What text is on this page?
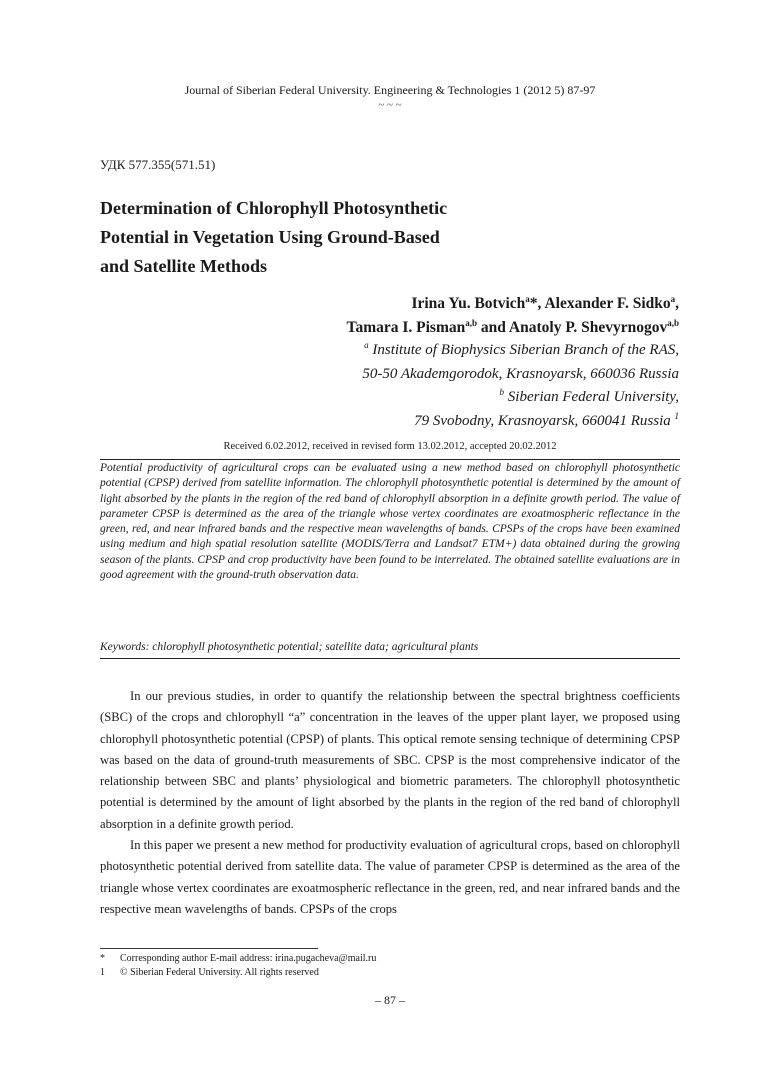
Journal of Siberian Federal University. Engineering & Technologies 1 (2012 5) 87-97
~ ~ ~
УДК 577.355(571.51)
Determination of Chlorophyll Photosynthetic
Potential in Vegetation Using Ground-Based
and Satellite Methods
Irina Yu. Botvich$^a$*, Alexander F. Sidko$^a$,
Tamara I. Pisman$^{a,b}$ and Anatoly P. Shevyrnogov$^{a,b}$
$^a$ Institute of Biophysics Siberian Branch of the RAS,
50-50 Akademgorodok, Krasnoyarsk, 660036 Russia
$^b$ Siberian Federal University,
79 Svobodny, Krasnoyarsk, 660041 Russia $^1$
Received 6.02.2012, received in revised form 13.02.2012, accepted 20.02.2012

Potential productivity of agricultural crops can be evaluated using a new method based on chlorophyll photosynthetic potential (CPSP) derived from satellite information. The chlorophyll photosynthetic potential is determined by the amount of light absorbed by the plants in the region of the red band of chlorophyll absorption in a definite growth period. The value of parameter CPSP is determined as the area of the triangle whose vertex coordinates are exoatmospheric reflectance in the green, red, and near infrared bands and the respective mean wavelengths of bands. CPSPs of the crops have been examined using medium and high spatial resolution satellite (MODIS/Terra and Landsat7 ETM+) data obtained during the growing season of the plants. CPSP and crop productivity have been found to be interrelated. The obtained satellite evaluations are in good agreement with the ground-truth observation data.

Keywords: chlorophyll photosynthetic potential; satellite data; agricultural plants

In our previous studies, in order to quantify the relationship between the spectral brightness coefficients (SBC) of the crops and chlorophyll “a” concentration in the leaves of the upper plant layer, we proposed using chlorophyll photosynthetic potential (CPSP) of plants. This optical remote sensing technique of determining CPSP was based on the data of ground-truth measurements of SBC. CPSP is the most comprehensive indicator of the relationship between SBC and plants’ physiological and biometric parameters. The chlorophyll photosynthetic potential is determined by the amount of light absorbed by the plants in the region of the red band of chlorophyll absorption in a definite growth period.

In this paper we present a new method for productivity evaluation of agricultural crops, based on chlorophyll photosynthetic potential derived from satellite data. The value of parameter CPSP is determined as the area of the triangle whose vertex coordinates are exoatmospheric reflectance in the green, red, and near infrared bands and the respective mean wavelengths of bands. CPSPs of the crops

*	Corresponding author E-mail address: irina.pugacheva@mail.ru
1	© Siberian Federal University. All rights reserved
– 87 –
